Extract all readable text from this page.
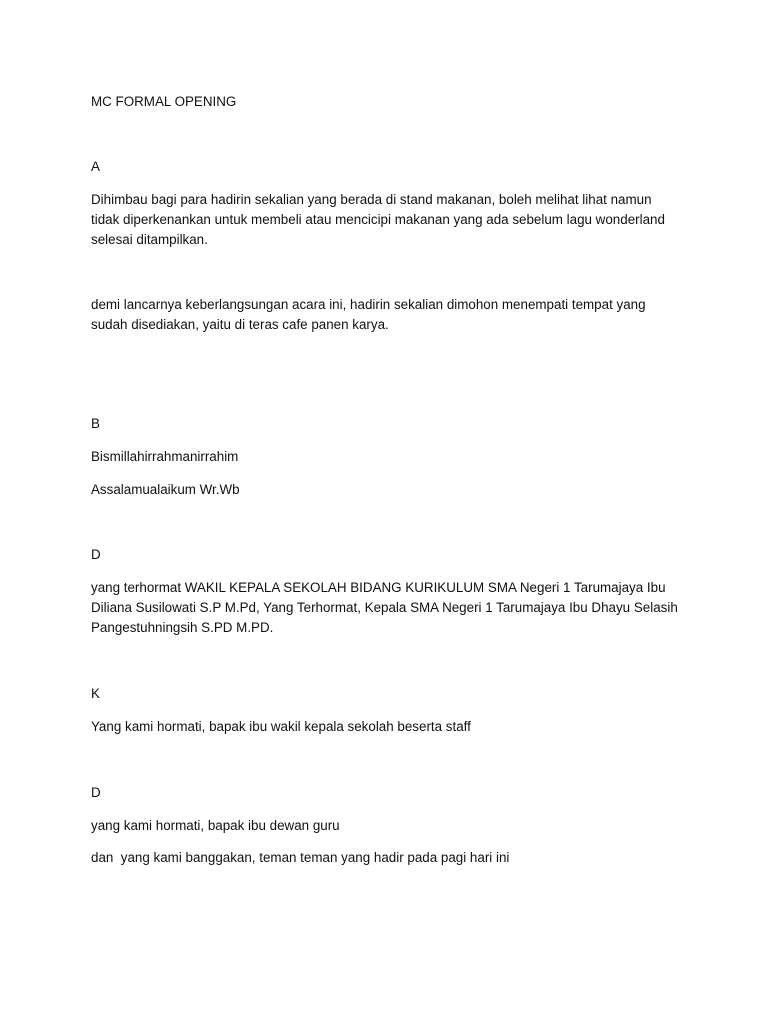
MC FORMAL OPENING

A

Dihimbau bagi para hadirin sekalian yang berada di stand makanan, boleh melihat lihat namun tidak diperkenankan untuk membeli atau mencicipi makanan yang ada sebelum lagu wonderland selesai ditampilkan.

demi lancarnya keberlangsungan acara ini, hadirin sekalian dimohon menempati tempat yang sudah disediakan, yaitu di teras cafe panen karya.

B

Bismillahirrahmanirrahim

Assalamualaikum Wr.Wb

D

yang terhormat WAKIL KEPALA SEKOLAH BIDANG KURIKULUM SMA Negeri 1 Tarumajaya Ibu Diliana Susilowati S.P M.Pd, Yang Terhormat, Kepala SMA Negeri 1 Tarumajaya Ibu Dhayu Selasih Pangestuhningsih S.PD M.PD.

K

Yang kami hormati, bapak ibu wakil kepala sekolah beserta staff

D

yang kami hormati, bapak ibu dewan guru

dan  yang kami banggakan, teman teman yang hadir pada pagi hari ini
